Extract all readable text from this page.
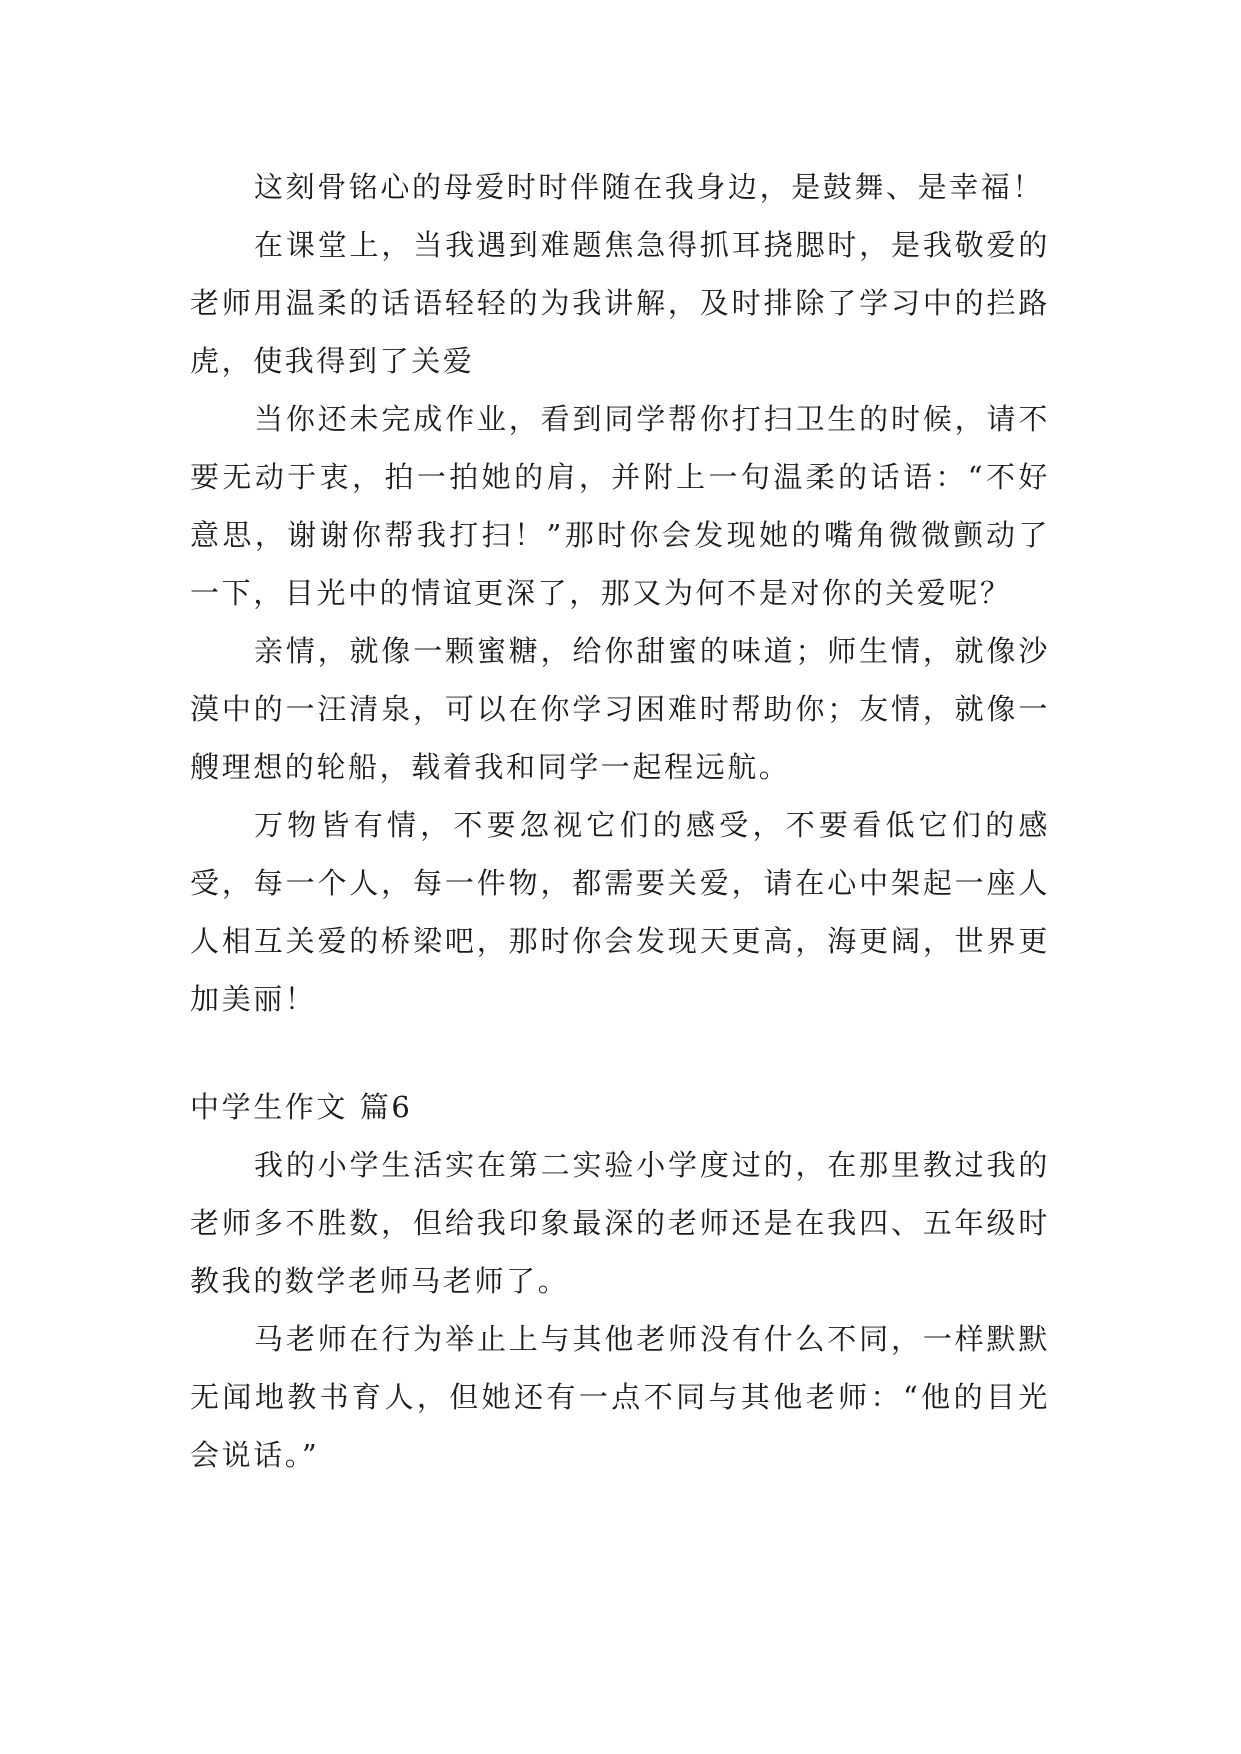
这刻骨铭心的母爱时时伴随在我身边，是鼓舞、是幸福！

在课堂上，当我遇到难题焦急得抓耳挠腮时，是我敬爱的老师用温柔的话语轻轻的为我讲解，及时排除了学习中的拦路虎，使我得到了关爱

当你还未完成作业，看到同学帮你打扫卫生的时候，请不要无动于衷，拍一拍她的肩，并附上一句温柔的话语：“不好意思，谢谢你帮我打扫！”那时你会发现她的嘴角微微颤动了一下，目光中的情谊更深了，那又为何不是对你的关爱呢？

亲情，就像一颗蜜糖，给你甜蜜的味道；师生情，就像沙漠中的一汪清泉，可以在你学习困难时帮助你；友情，就像一艘理想的轮船，载着我和同学一起程远航。

万物皆有情，不要忽视它们的感受，不要看低它们的感受，每一个人，每一件物，都需要关爱，请在心中架起一座人人相互关爱的桥梁吧，那时你会发现天更高，海更阔，世界更加美丽！

中学生作文 篇6

我的小学生活实在第二实验小学度过的，在那里教过我的老师多不胜数，但给我印象最深的老师还是在我四、五年级时教我的数学老师马老师了。

马老师在行为举止上与其他老师没有什么不同，一样默默无闻地教书育人，但她还有一点不同与其他老师：“他的目光会说话。”
